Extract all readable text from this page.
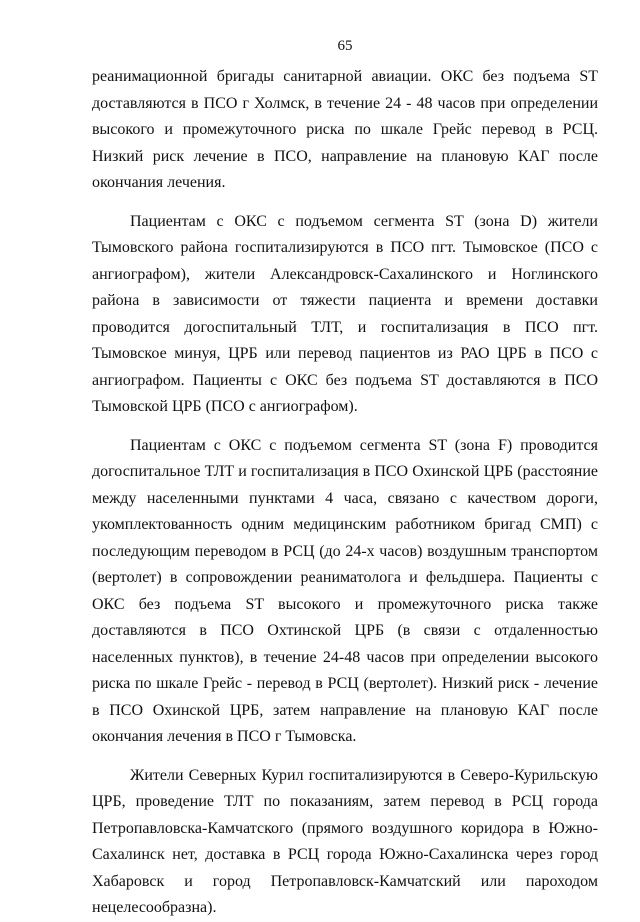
65

реанимационной бригады санитарной авиации. ОКС без подъема ST доставляются в ПСО г Холмск, в течение 24 - 48 часов при определении высокого и промежуточного риска по шкале Грейс перевод в РСЦ. Низкий риск лечение в ПСО, направление на плановую КАГ после окончания лечения.

Пациентам с ОКС с подъемом сегмента ST (зона D) жители Тымовского района госпитализируются в ПСО пгт. Тымовское (ПСО с ангиографом), жители Александровск-Сахалинского и Ноглинского района в зависимости от тяжести пациента и времени доставки проводится догоспитальный ТЛТ, и госпитализация в ПСО пгт. Тымовское минуя, ЦРБ или перевод пациентов из РАО ЦРБ в ПСО с ангиографом. Пациенты с ОКС без подъема ST доставляются в ПСО Тымовской ЦРБ (ПСО с ангиографом).

Пациентам с ОКС с подъемом сегмента ST (зона F) проводится догоспитальное ТЛТ и госпитализация в ПСО Охинской ЦРБ (расстояние между населенными пунктами 4 часа, связано с качеством дороги, укомплектованность одним медицинским работником бригад СМП) с последующим переводом в РСЦ (до 24-х часов) воздушным транспортом (вертолет) в сопровождении реаниматолога и фельдшера. Пациенты с ОКС без подъема ST высокого и промежуточного риска также доставляются в ПСО Охтинской ЦРБ (в связи с отдаленностью населенных пунктов), в течение 24-48 часов при определении высокого риска по шкале Грейс - перевод в РСЦ (вертолет). Низкий риск - лечение в ПСО Охинской ЦРБ, затем направление на плановую КАГ после окончания лечения в ПСО г Тымовска.

Жители Северных Курил госпитализируются в Северо-Курильскую ЦРБ, проведение ТЛТ по показаниям, затем перевод в РСЦ города Петропавловска-Камчатского (прямого воздушного коридора в Южно-Сахалинск нет, доставка в РСЦ города Южно-Сахалинска через город Хабаровск и город Петропавловск-Камчатский или пароходом нецелесообразна).
